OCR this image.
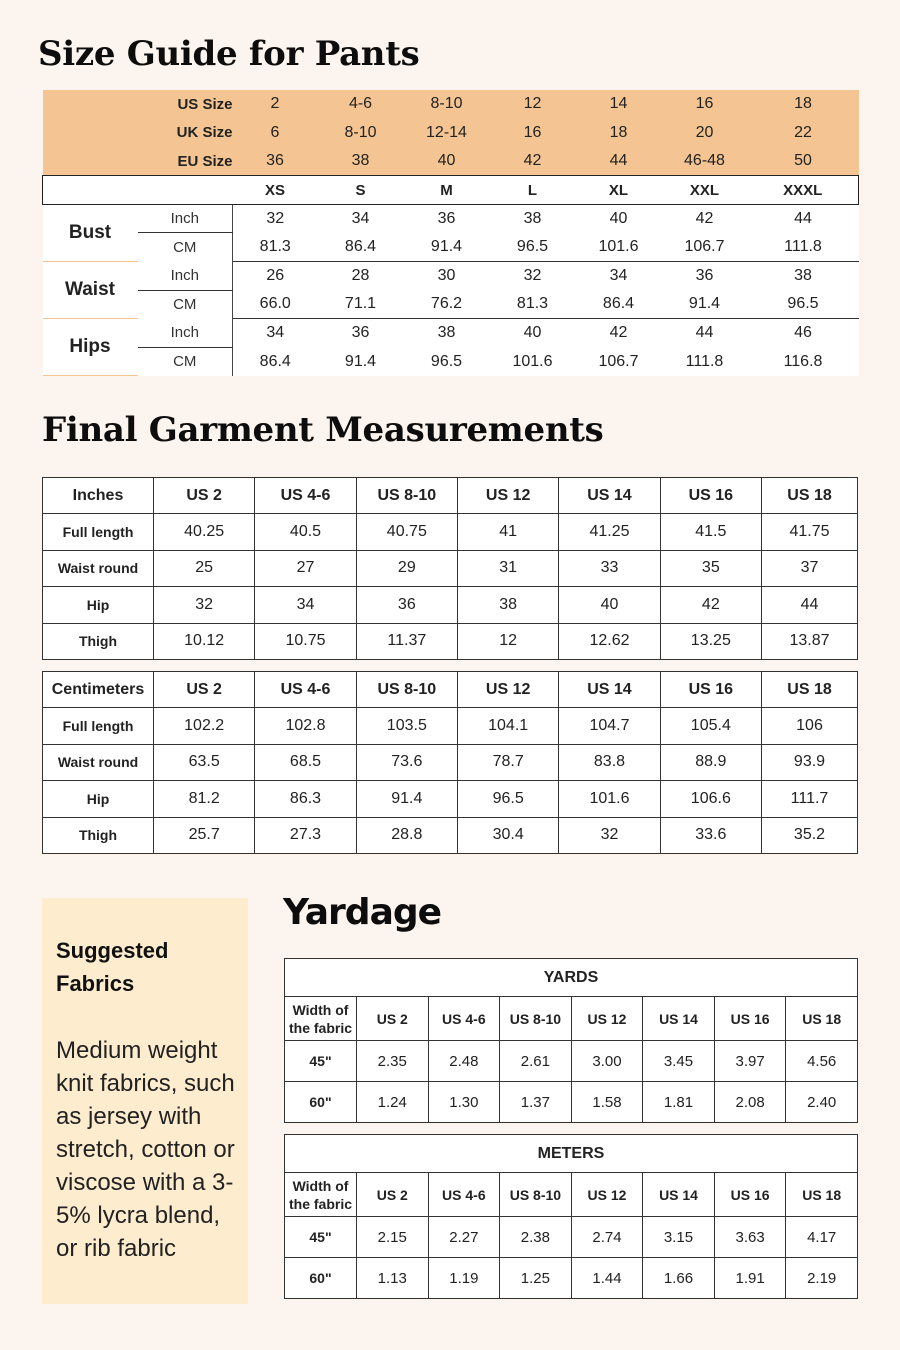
Size Guide for Pants
US Size		2	4-6	8-10	12	14	16	18
UK Size		6	8-10	12-14	16	18	20	22
EU Size		36	38	40	42	44	46-48	50
		XS	S	M	L	XL	XXL	XXXL
Bust	Inch	32	34	36	38	40	42	44
	CM	81.3	86.4	91.4	96.5	101.6	106.7	111.8
Waist	Inch	26	28	30	32	34	36	38
	CM	66.0	71.1	76.2	81.3	86.4	91.4	96.5
Hips	Inch	34	36	38	40	42	44	46
	CM	86.4	91.4	96.5	101.6	106.7	111.8	116.8
Final Garment Measurements
Inches	US 2	US 4-6	US 8-10	US 12	US 14	US 16	US 18
Full length	40.25	40.5	40.75	41	41.25	41.5	41.75
Waist round	25	27	29	31	33	35	37
Hip	32	34	36	38	40	42	44
Thigh	10.12	10.75	11.37	12	12.62	13.25	13.87
Centimeters	US 2	US 4-6	US 8-10	US 12	US 14	US 16	US 18
Full length	102.2	102.8	103.5	104.1	104.7	105.4	106
Waist round	63.5	68.5	73.6	78.7	83.8	88.9	93.9
Hip	81.2	86.3	91.4	96.5	101.6	106.6	111.7
Thigh	25.7	27.3	28.8	30.4	32	33.6	35.2
Suggested
Fabrics
Medium weight knit fabrics, such as jersey with stretch, cotton or viscose with a 3-5% lycra blend, or rib fabric
Yardage
YARDS							

Width of
the fabric	US 2	US 4-6	US 8-10	US 12	US 14	US 16	US 18
45"	2.35	2.48	2.61	3.00	3.45	3.97	4.56
60"	1.24	1.30	1.37	1.58	1.81	2.08	2.40
METERS							

Width of
the fabric	US 2	US 4-6	US 8-10	US 12	US 14	US 16	US 18
45"	2.15	2.27	2.38	2.74	3.15	3.63	4.17
60"	1.13	1.19	1.25	1.44	1.66	1.91	2.19
